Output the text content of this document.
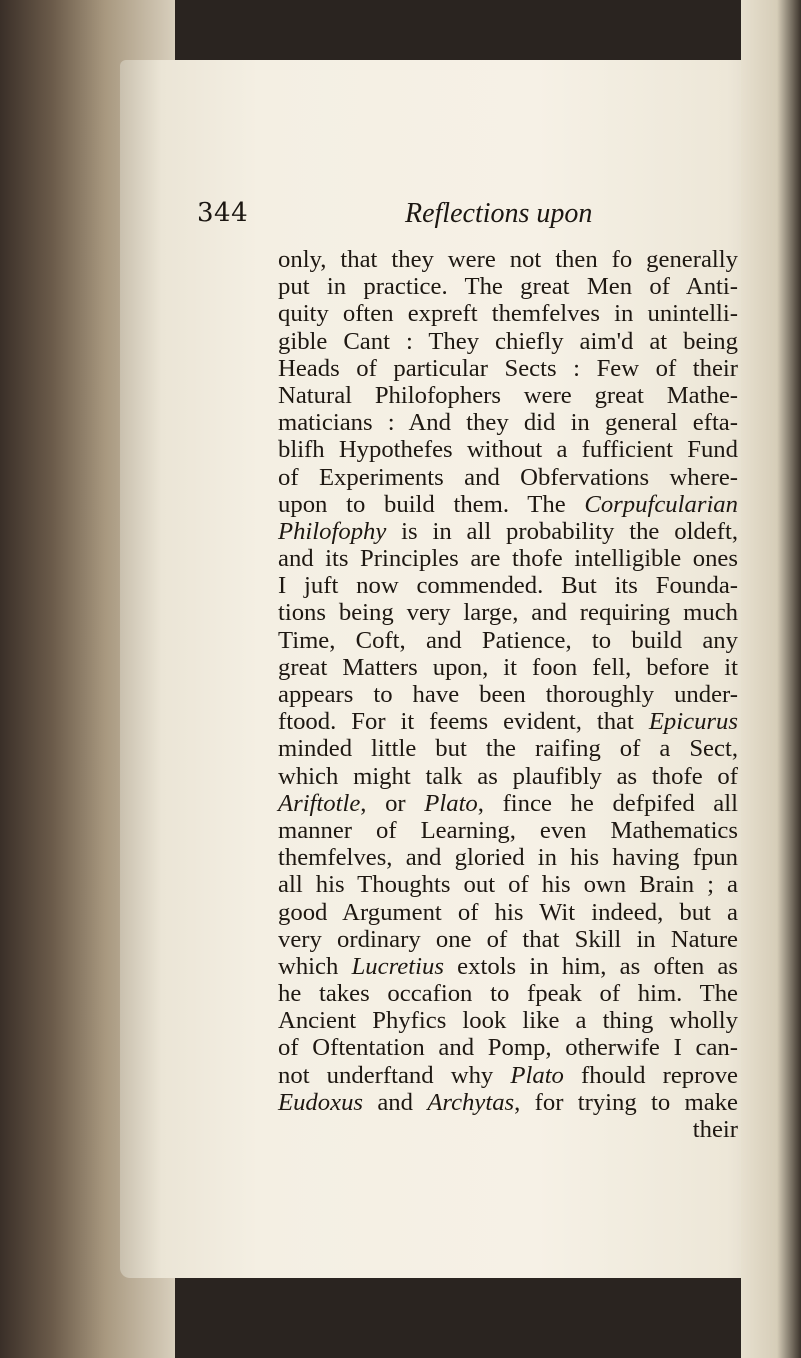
344	Reflections upon
only, that they were not then fo generally
put in practice. The great Men of Anti-
quity often expreft themfelves in unintelli-
gible Cant : They chiefly aim'd at being
Heads of particular Sects : Few of their
Natural Philofophers were great Mathe-
maticians : And they did in general efta-
blifh Hypothefes without a fufficient Fund
of Experiments and Obfervations where-
upon to build them. The Corpufcularian
Philofophy is in all probability the oldeft,
and its Principles are thofe intelligible ones
I juft now commended. But its Founda-
tions being very large, and requiring much
Time, Coft, and Patience, to build any
great Matters upon, it foon fell, before it
appears to have been thoroughly under-
ftood. For it feems evident, that Epicurus
minded little but the raifing of a Sect,
which might talk as plaufibly as thofe of
Ariftotle, or Plato, fince he defpifed all
manner of Learning, even Mathematics
themfelves, and gloried in his having fpun
all his Thoughts out of his own Brain ; a
good Argument of his Wit indeed, but a
very ordinary one of that Skill in Nature
which Lucretius extols in him, as often as
he takes occafion to fpeak of him. The
Ancient Phyfics look like a thing wholly
of Oftentation and Pomp, otherwife I can-
not underftand why Plato fhould reprove
Eudoxus and Archytas, for trying to make
their
